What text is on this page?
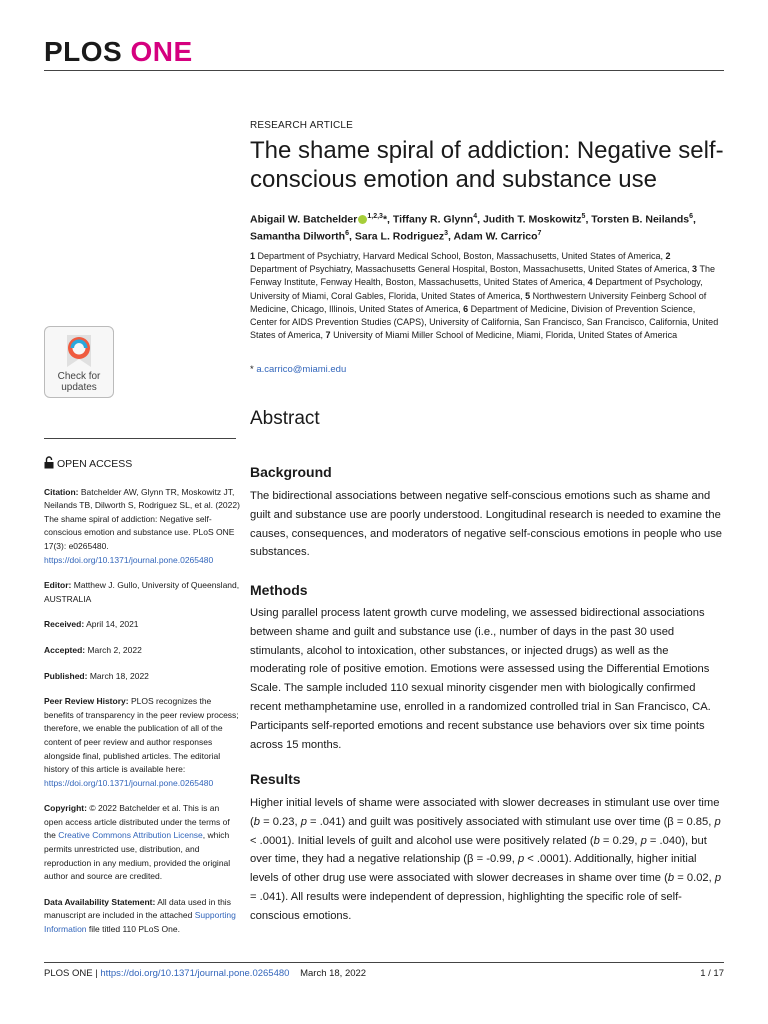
PLOS ONE
RESEARCH ARTICLE
The shame spiral of addiction: Negative self-conscious emotion and substance use
Abigail W. Batchelder $^{1,2,3}$*, Tiffany R. Glynn$^4$, Judith T. Moskowitz$^5$, Torsten B. Neilands$^6$, Samantha Dilworth$^6$, Sara L. Rodriguez$^3$, Adam W. Carrico$^7$
1 Department of Psychiatry, Harvard Medical School, Boston, Massachusetts, United States of America, 2 Department of Psychiatry, Massachusetts General Hospital, Boston, Massachusetts, United States of America, 3 The Fenway Institute, Fenway Health, Boston, Massachusetts, United States of America, 4 Department of Psychology, University of Miami, Coral Gables, Florida, United States of America, 5 Northwestern University Feinberg School of Medicine, Chicago, Illinois, United States of America, 6 Department of Medicine, Division of Prevention Science, Center for AIDS Prevention Studies (CAPS), University of California, San Francisco, San Francisco, California, United States of America, 7 University of Miami Miller School of Medicine, Miami, Florida, United States of America
* a.carrico@miami.edu
Check for
updates
Abstract
OPEN ACCESS
Citation: Batchelder AW, Glynn TR, Moskowitz JT, Neilands TB, Dilworth S, Rodriguez SL, et al. (2022) The shame spiral of addiction: Negative self-conscious emotion and substance use. PLoS ONE 17(3): e0265480. https://doi.org/10.1371/journal.pone.0265480
Editor: Matthew J. Gullo, University of Queensland, AUSTRALIA
Received: April 14, 2021
Accepted: March 2, 2022
Published: March 18, 2022
Peer Review History: PLOS recognizes the benefits of transparency in the peer review process; therefore, we enable the publication of all of the content of peer review and author responses alongside final, published articles. The editorial history of this article is available here: https://doi.org/10.1371/journal.pone.0265480
Copyright: © 2022 Batchelder et al. This is an open access article distributed under the terms of the Creative Commons Attribution License, which permits unrestricted use, distribution, and reproduction in any medium, provided the original author and source are credited.
Data Availability Statement: All data used in this manuscript are included in the attached Supporting Information file titled 110 PLoS One.
Background

The bidirectional associations between negative self-conscious emotions such as shame and guilt and substance use are poorly understood. Longitudinal research is needed to examine the causes, consequences, and moderators of negative self-conscious emotions in people who use substances.

Methods

Using parallel process latent growth curve modeling, we assessed bidirectional associations between shame and guilt and substance use (i.e., number of days in the past 30 used stimulants, alcohol to intoxication, other substances, or injected drugs) as well as the moderating role of positive emotion. Emotions were assessed using the Differential Emotions Scale. The sample included 110 sexual minority cisgender men with biologically confirmed recent methamphetamine use, enrolled in a randomized controlled trial in San Francisco, CA. Participants self-reported emotions and recent substance use behaviors over six time points across 15 months.

Results

Higher initial levels of shame were associated with slower decreases in stimulant use over time (b = 0.23, p = .041) and guilt was positively associated with stimulant use over time (β = 0.85, p < .0001). Initial levels of guilt and alcohol use were positively related (b = 0.29, p = .040), but over time, they had a negative relationship (β = -0.99, p < .0001). Additionally, higher initial levels of other drug use were associated with slower decreases in shame over time (b = 0.02, p = .041). All results were independent of depression, highlighting the specific role of self-conscious emotions.

PLOS ONE | https://doi.org/10.1371/journal.pone.0265480 March 18, 2022	1 / 17
